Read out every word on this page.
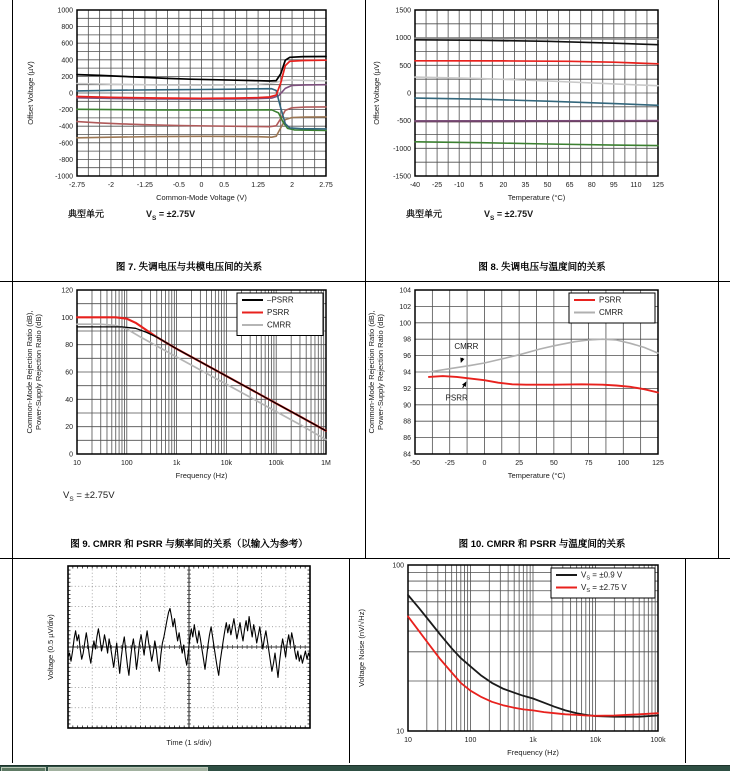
-2.75	-2	-1.25	-0.5 0 0.5	1.25	2	2.75
1000
800
600
400
200
0
-200
-400
-600
-800
-1000
Common-Mode Voltage (V)
Offset Voltage (µV)
典型单元	$V_S = \pm 2.75V$
图 7. 失调电压与共模电压间的关系
-40 -25 -10 5 20 35 50 65 80 95 110 125
1500
1000
500
0
-500
-1000
-1500
Temperature (°C)
Offset Voltage (µV)
典型单元	$V_S = \pm 2.75V$
图 8. 失调电压与温度间的关系
10	100	1k	10k	100k	1M
120
100
80
60
40
20
0
Frequency (Hz)
Common-Mode Rejection Ratio (dB), Power-Supply Rejection Ratio (dB)
–PSRR
PSRR
CMRR
$V_S = \pm 2.75V$
图 9. CMRR 和 PSRR 与频率间的关系（以输入为参考）
-50	-25	0	25	50	75	100	125
104
102
100
98
96
94
92
90
88
86
84
Temperature (°C)
Common-Mode Rejection Ratio (dB), Power-Supply Rejection Ratio (dB)
PSRR
CMRR
CMRR
PSRR
图 10. CMRR 和 PSRR 与温度间的关系
Time (1 s/div)
Voltage (0.5 µV/div)
10	100	1k	10k	100k
100
10
Frequency (Hz)
Voltage Noise (nV/√Hz)
$V_S = \pm 0.9$ V
$V_S = \pm 2.75$ V
